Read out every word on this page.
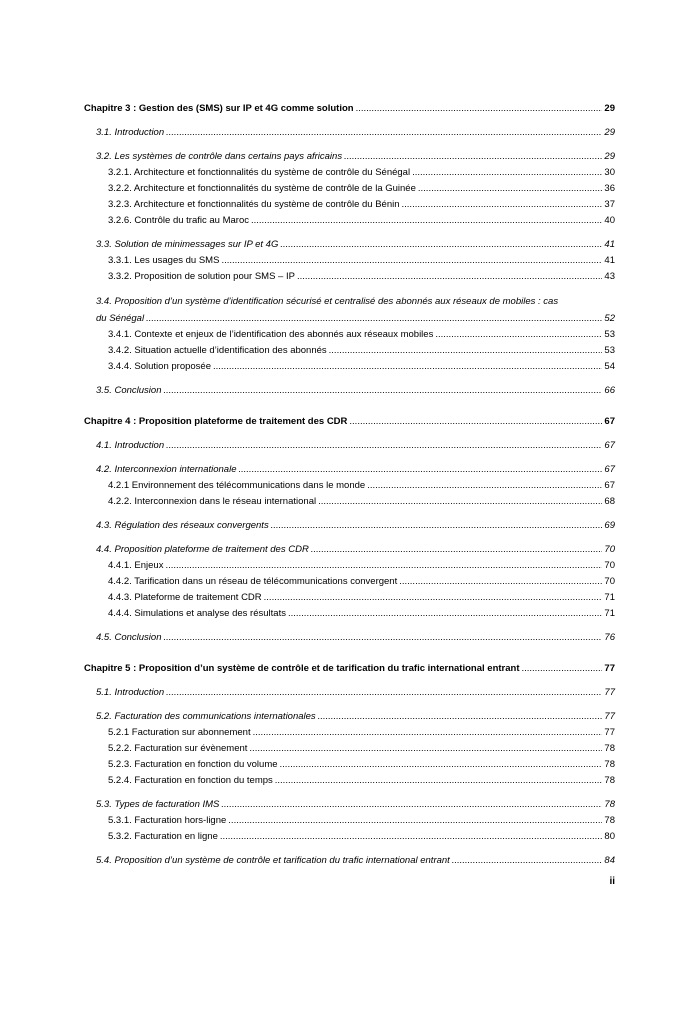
Chapitre 3 : Gestion des (SMS) sur IP et 4G comme solution .....	29
3.1. Introduction .....	29
3.2. Les systèmes de contrôle dans certains pays africains .....	29
3.2.1. Architecture et fonctionnalités du système de contrôle du Sénégal .....	30
3.2.2. Architecture et fonctionnalités du système de contrôle de la Guinée .....	36
3.2.3. Architecture et fonctionnalités du système de contrôle du Bénin .....	37
3.2.6. Contrôle du trafic au Maroc .....	40
3.3. Solution de minimessages sur IP et 4G .....	41
3.3.1. Les usages du SMS .....	41
3.3.2. Proposition de solution pour SMS – IP .....	43
3.4. Proposition d’un système d’identification sécurisé et centralisé des abonnés aux réseaux de mobiles : cas
du Sénégal .....	52
3.4.1. Contexte et enjeux de l’identification des abonnés aux réseaux mobiles .....	53
3.4.2. Situation actuelle d’identification des abonnés .....	53
3.4.4. Solution proposée .....	54
3.5. Conclusion .....	66
Chapitre 4 : Proposition plateforme de traitement des CDR .....	67
4.1. Introduction .....	67
4.2. Interconnexion internationale .....	67
4.2.1 Environnement des télécommunications dans le monde .....	67
4.2.2. Interconnexion dans le réseau international .....	68
4.3. Régulation des réseaux convergents .....	69
4.4. Proposition plateforme de traitement des CDR .....	70
4.4.1. Enjeux .....	70
4.4.2. Tarification dans un réseau de télécommunications convergent .....	70
4.4.3. Plateforme de traitement CDR .....	71
4.4.4. Simulations et analyse des résultats .....	71
4.5. Conclusion .....	76
Chapitre 5 : Proposition d’un système de contrôle et de tarification du trafic international entrant .....	77
5.1. Introduction .....	77
5.2. Facturation des communications internationales .....	77
5.2.1 Facturation sur abonnement .....	77
5.2.2. Facturation sur évènement .....	78
5.2.3. Facturation en fonction du volume .....	78
5.2.4. Facturation en fonction du temps .....	78
5.3. Types de facturation IMS .....	78
5.3.1. Facturation hors-ligne .....	78
5.3.2. Facturation en ligne .....	80
5.4. Proposition d’un système de contrôle et tarification du trafic international entrant .....	84
ii
